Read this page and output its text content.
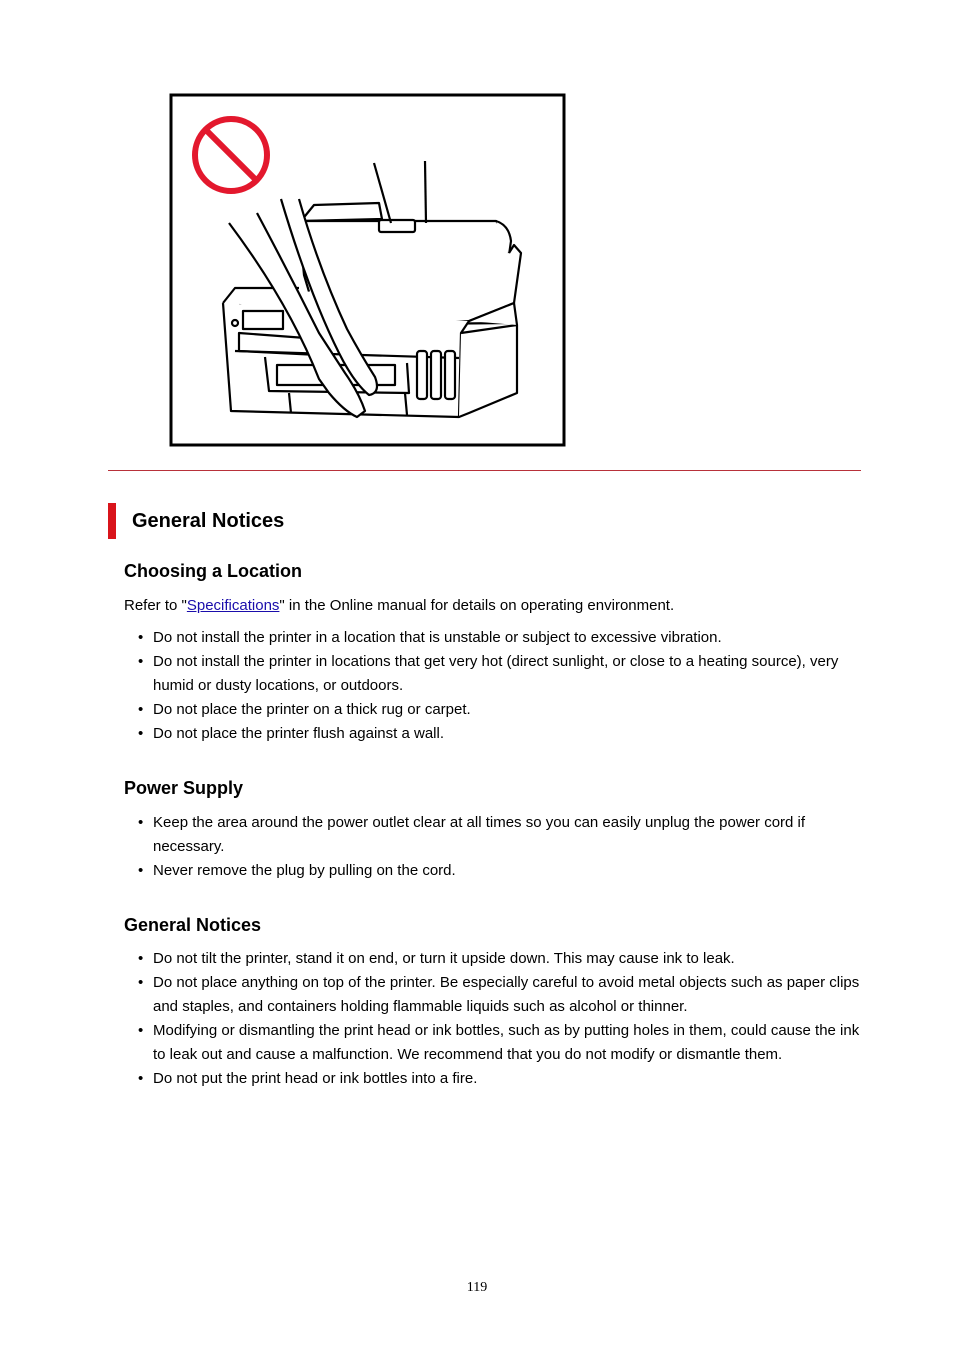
General Notices
Choosing a Location

Refer to "Specifications" in the Online manual for details on operating environment.

• Do not install the printer in a location that is unstable or subject to excessive vibration.
• Do not install the printer in locations that get very hot (direct sunlight, or close to a heating source), very humid or dusty locations, or outdoors.
• Do not place the printer on a thick rug or carpet.
• Do not place the printer flush against a wall.
Power Supply
• Keep the area around the power outlet clear at all times so you can easily unplug the power cord if necessary.
• Never remove the plug by pulling on the cord.
General Notices
• Do not tilt the printer, stand it on end, or turn it upside down. This may cause ink to leak.
• Do not place anything on top of the printer. Be especially careful to avoid metal objects such as paper clips and staples, and containers holding flammable liquids such as alcohol or thinner.
• Modifying or dismantling the print head or ink bottles, such as by putting holes in them, could cause the ink to leak out and cause a malfunction. We recommend that you do not modify or dismantle them.
• Do not put the print head or ink bottles into a fire.
119
